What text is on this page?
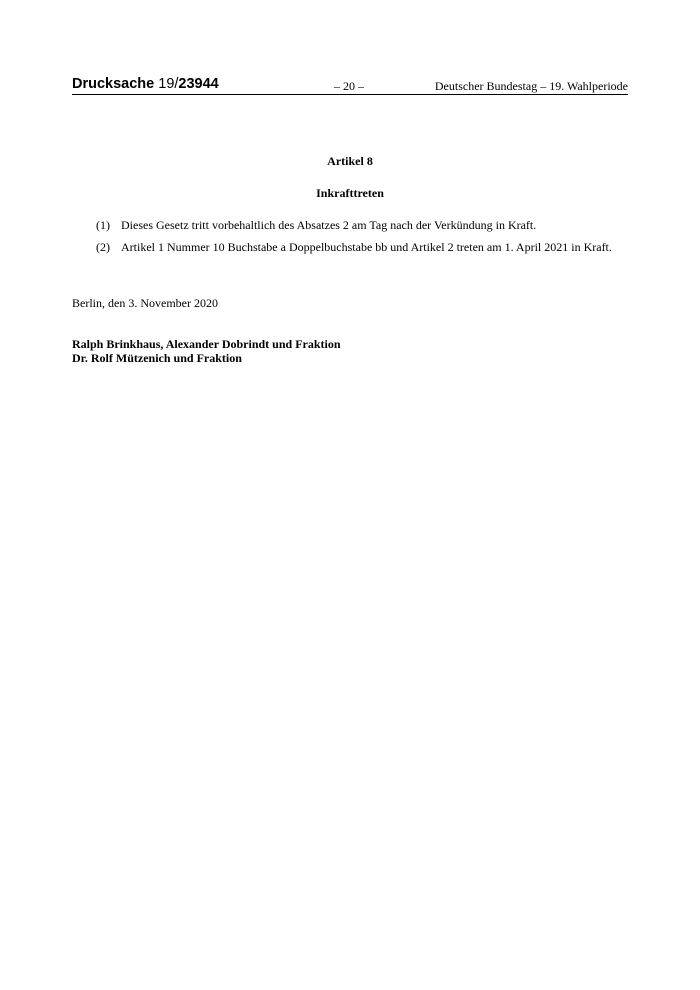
Drucksache 19/23944	– 20 –	Deutscher Bundestag – 19. Wahlperiode
Artikel 8
Inkrafttreten
(1) Dieses Gesetz tritt vorbehaltlich des Absatzes 2 am Tag nach der Verkündung in Kraft.
(2) Artikel 1 Nummer 10 Buchstabe a Doppelbuchstabe bb und Artikel 2 treten am 1. April 2021 in Kraft.
Berlin, den 3. November 2020
Ralph Brinkhaus, Alexander Dobrindt und Fraktion
Dr. Rolf Mützenich und Fraktion
